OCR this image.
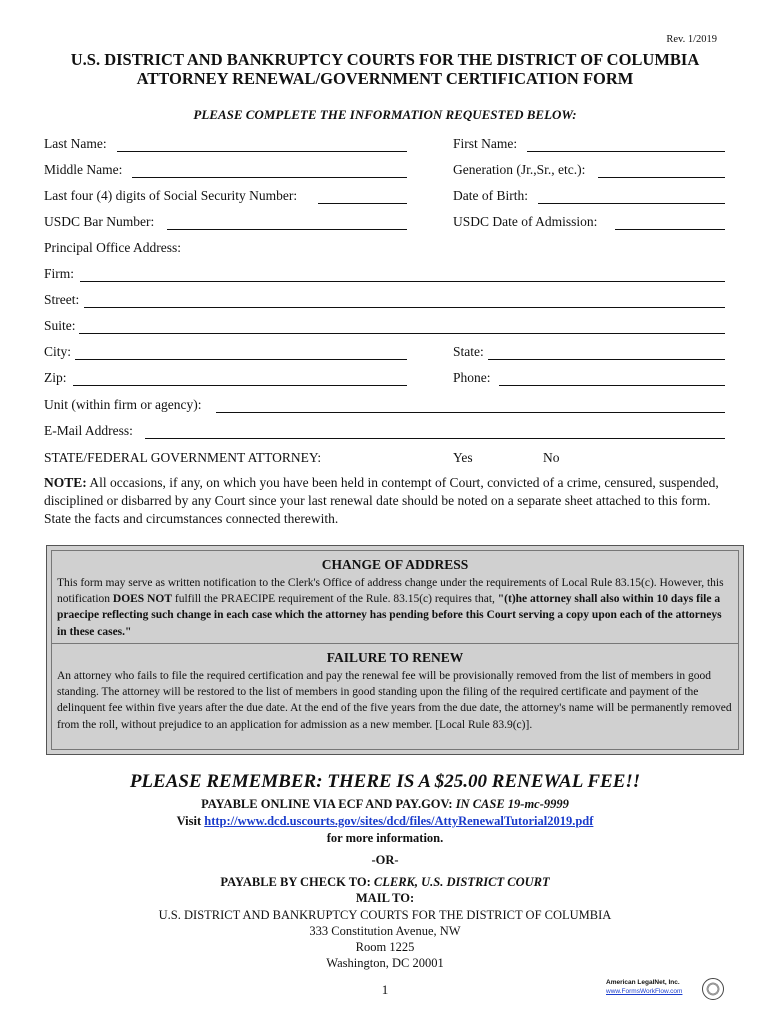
Rev. 1/2019
U.S. DISTRICT AND BANKRUPTCY COURTS FOR THE DISTRICT OF COLUMBIA
ATTORNEY RENEWAL/GOVERNMENT CERTIFICATION FORM
PLEASE COMPLETE THE INFORMATION REQUESTED BELOW:
Last Name:	First Name:
Middle Name:	Generation (Jr.,Sr., etc.):
Last four (4) digits of Social Security Number:	Date of Birth:
USDC Bar Number:	USDC Date of Admission:
Principal Office Address:
Firm:
Street:
Suite:
City:	State:
Zip:	Phone:
Unit (within firm or agency):
E-Mail Address:
STATE/FEDERAL GOVERNMENT ATTORNEY:	Yes	No
NOTE: All occasions, if any, on which you have been held in contempt of Court, convicted of a crime, censured, suspended, disciplined or disbarred by any Court since your last renewal date should be noted on a separate sheet attached to this form. State the facts and circumstances connected therewith.
CHANGE OF ADDRESS
This form may serve as written notification to the Clerk's Office of address change under the requirements of Local Rule 83.15(c). However, this notification DOES NOT fulfill the PRAECIPE requirement of the Rule. 83.15(c) requires that, "(t)he attorney shall also within 10 days file a praecipe reflecting such change in each case which the attorney has pending before this Court serving a copy upon each of the attorneys in these cases."
FAILURE TO RENEW
An attorney who fails to file the required certification and pay the renewal fee will be provisionally removed from the list of members in good standing. The attorney will be restored to the list of members in good standing upon the filing of the required certificate and payment of the delinquent fee within five years after the due date. At the end of the five years from the due date, the attorney's name will be permanently removed from the roll, without prejudice to an application for admission as a new member. [Local Rule 83.9(c)].
PLEASE REMEMBER: THERE IS A $25.00 RENEWAL FEE!!
PAYABLE ONLINE VIA ECF AND PAY.GOV: IN CASE 19-mc-9999
Visit http://www.dcd.uscourts.gov/sites/dcd/files/AttyRenewalTutorial2019.pdf
for more information.
-OR-
PAYABLE BY CHECK TO: CLERK, U.S. DISTRICT COURT
MAIL TO:
U.S. DISTRICT AND BANKRUPTCY COURTS FOR THE DISTRICT OF COLUMBIA
333 Constitution Avenue, NW
Room 1225
Washington, DC 20001
1	American LegalNet, Inc.
www.FormsWorkFlow.com
